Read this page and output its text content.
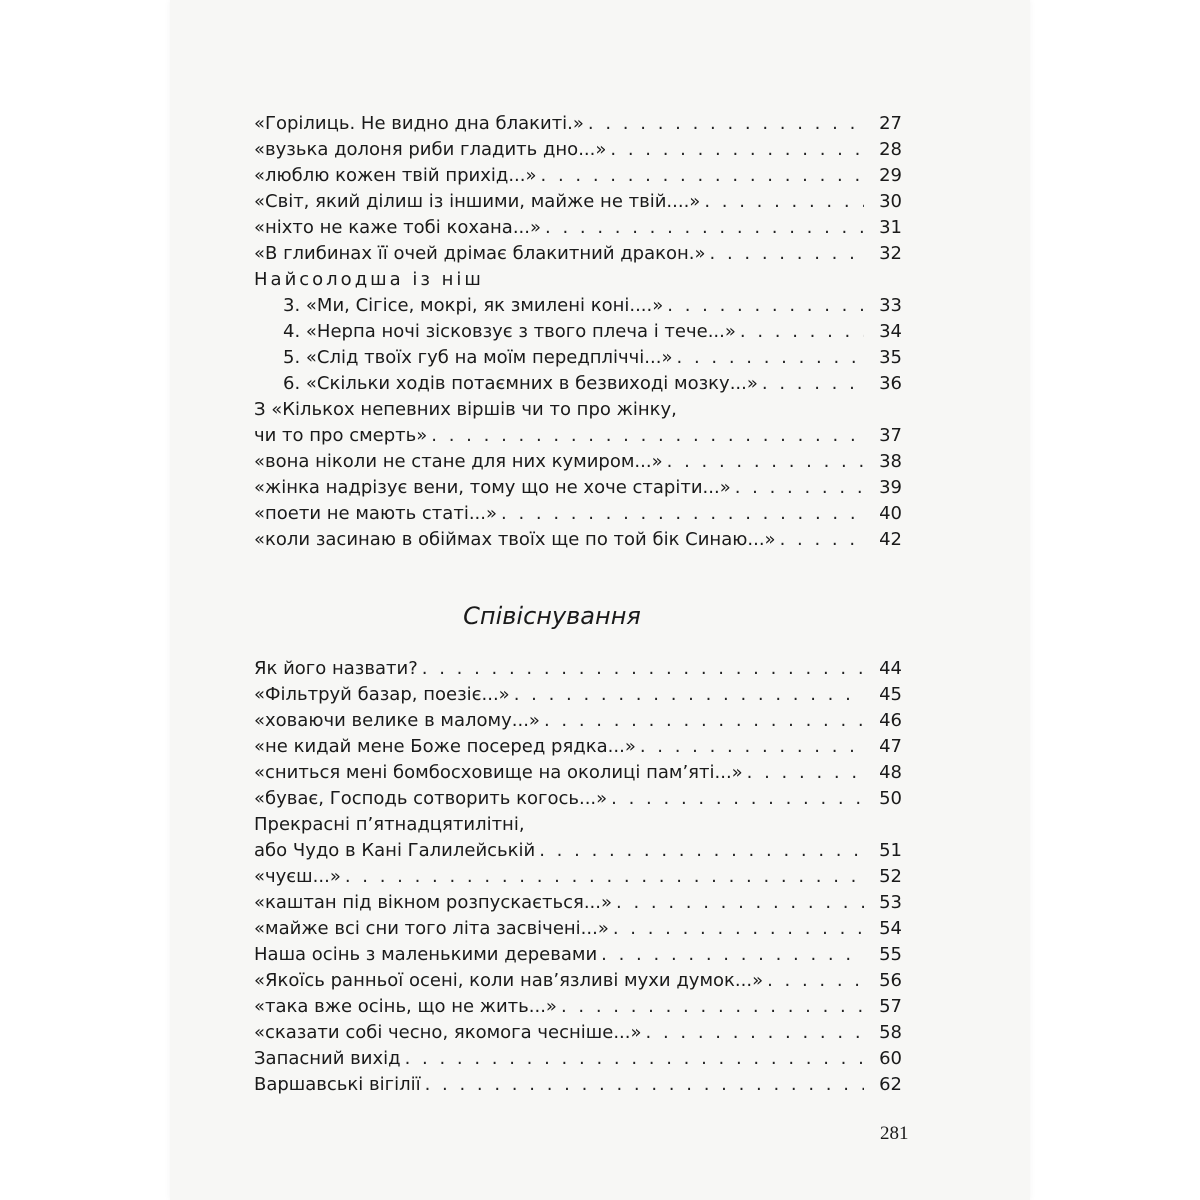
«Горілиць. Не видно дна блакиті.» . . .	27
«вузька долоня риби гладить дно...» . . .	28
«люблю кожен твій прихід...» . . .	29
«Світ, який ділиш із іншими, майже не твій....» . . .	30
«ніхто не каже тобі кохана...» . . .	31
«В глибинах її очей дрімає блакитний дракон.» . . .	32
Найсолодша із ніш
3. «Ми, Сігісе, мокрі, як змилені коні....» . . .	33
4. «Нерпа ночі зісковзує з твого плеча і тече...» . . .	34
5. «Слід твоїх губ на моїм передпліччі...» . . .	35
6. «Скільки ходів потаємних в безвиході мозку...» . . .	36
З «Кількох непевних віршів чи то про жінку,
чи то про смерть» . . .	37
«вона ніколи не стане для них кумиром...» . . .	38
«жінка надрізує вени, тому що не хоче старіти...» . . .	39
«поети не мають статі...» . . .	40
«коли засинаю в обіймах твоїх ще по той бік Синаю...» . . .	42
Співіснування
Як його назвати? . . .	44
«Фільтруй базар, поезіє...» . . .	45
«ховаючи велике в малому...» . . .	46
«не кидай мене Боже посеред рядка...» . . .	47
«сниться мені бомбосховище на околиці пам’яті...» . . .	48
«буває, Господь сотворить когось...» . . .	50
Прекрасні п’ятнадцятилітні,
або Чудо в Кані Галилейській . . .	51
«чуєш...» . . .	52
«каштан під вікном розпускається...» . . .	53
«майже всі сни того літа засвічені...» . . .	54
Наша осінь з маленькими деревами . . .	55
«Якоїсь ранньої осені, коли нав’язливі мухи думок...» . . .	56
«така вже осінь, що не жить...» . . .	57
«сказати собі чесно, якомога чесніше...» . . .	58
Запасний вихід . . .	60
Варшавські вігілії . . .	62
281
